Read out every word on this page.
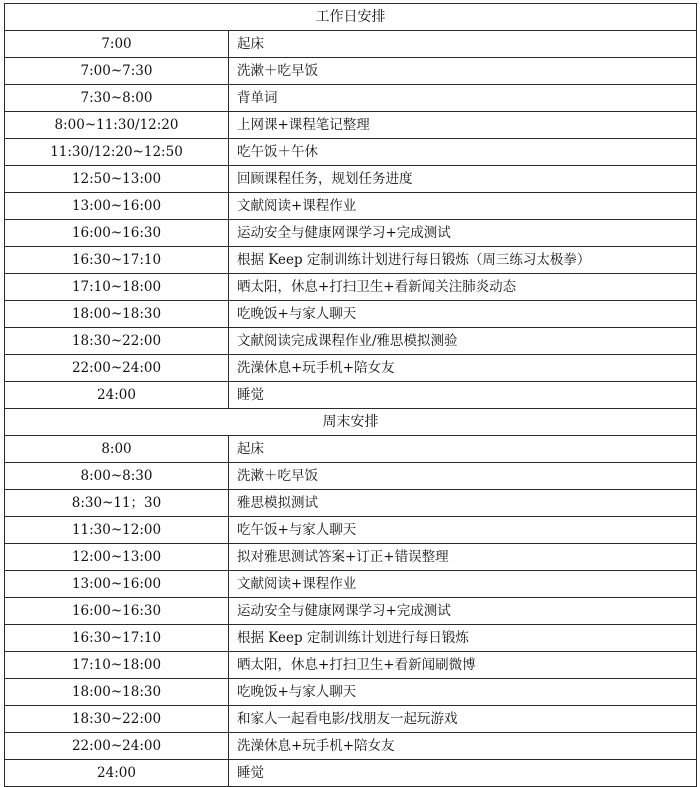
工作日安排	
7:00	起床
7:00~7:30	洗漱＋吃早饭
7:30~8:00	背单词
8:00~11:30/12:20	上网课+课程笔记整理
11:30/12:20~12:50	吃午饭＋午休
12:50~13:00	回顾课程任务，规划任务进度
13:00~16:00	文献阅读+课程作业
16:00~16:30	运动安全与健康网课学习+完成测试
16:30~17:10	根据 Keep 定制训练计划进行每日锻炼（周三练习太极拳）
17:10~18:00	晒太阳，休息+打扫卫生+看新闻关注肺炎动态
18:00~18:30	吃晚饭+与家人聊天
18:30~22:00	文献阅读完成课程作业/雅思模拟测验
22:00~24:00	洗澡休息+玩手机+陪女友
24:00	睡觉
周末安排	
8:00	起床
8:00~8:30	洗漱＋吃早饭
8:30~11；30	雅思模拟测试
11:30~12:00	吃午饭+与家人聊天
12:00~13:00	拟对雅思测试答案+订正+错误整理
13:00~16:00	文献阅读+课程作业
16:00~16:30	运动安全与健康网课学习+完成测试
16:30~17:10	根据 Keep 定制训练计划进行每日锻炼
17:10~18:00	晒太阳，休息+打扫卫生+看新闻刷微博
18:00~18:30	吃晚饭+与家人聊天
18:30~22:00	和家人一起看电影/找朋友一起玩游戏
22:00~24:00	洗澡休息+玩手机+陪女友
24:00	睡觉
